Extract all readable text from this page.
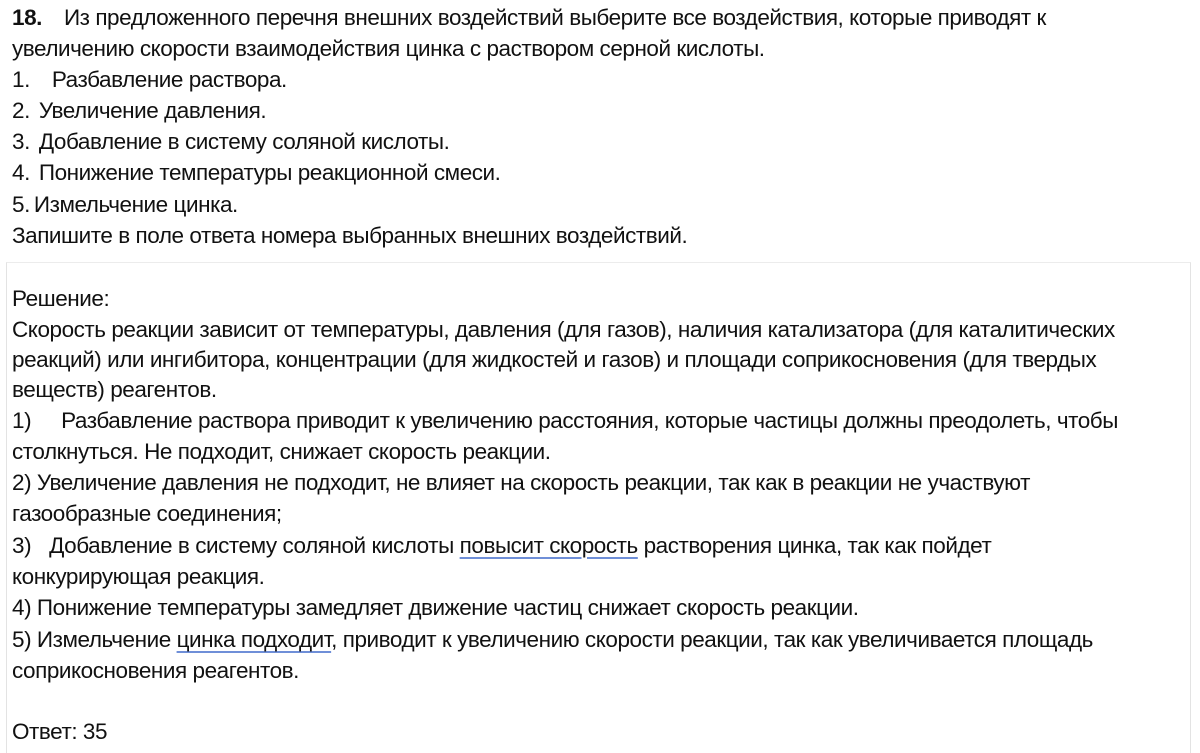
18. Из предложенного перечня внешних воздействий выберите все воздействия, которые приводят к
увеличению скорости взаимодействия цинка с раствором серной кислоты.
1. Разбавление раствора.
2. Увеличение давления.
3. Добавление в систему соляной кислоты.
4. Понижение температуры реакционной смеси.
5. Измельчение цинка.
Запишите в поле ответа номера выбранных внешних воздействий.
Решение:
Скорость реакции зависит от температуры, давления (для газов), наличия катализатора (для каталитических
реакций) или ингибитора, концентрации (для жидкостей и газов) и площади соприкосновения (для твердых
веществ) реагентов.
1) Разбавление раствора приводит к увеличению расстояния, которые частицы должны преодолеть, чтобы
столкнуться. Не подходит, снижает скорость реакции.
2) Увеличение давления не подходит, не влияет на скорость реакции, так как в реакции не участвуют
газообразные соединения;
3) Добавление в систему соляной кислоты повысит скорость растворения цинка, так как пойдет
конкурирующая реакция.
4) Понижение температуры замедляет движение частиц снижает скорость реакции.
5) Измельчение цинка подходит, приводит к увеличению скорости реакции, так как увеличивается площадь
соприкосновения реагентов.
Ответ: 35
